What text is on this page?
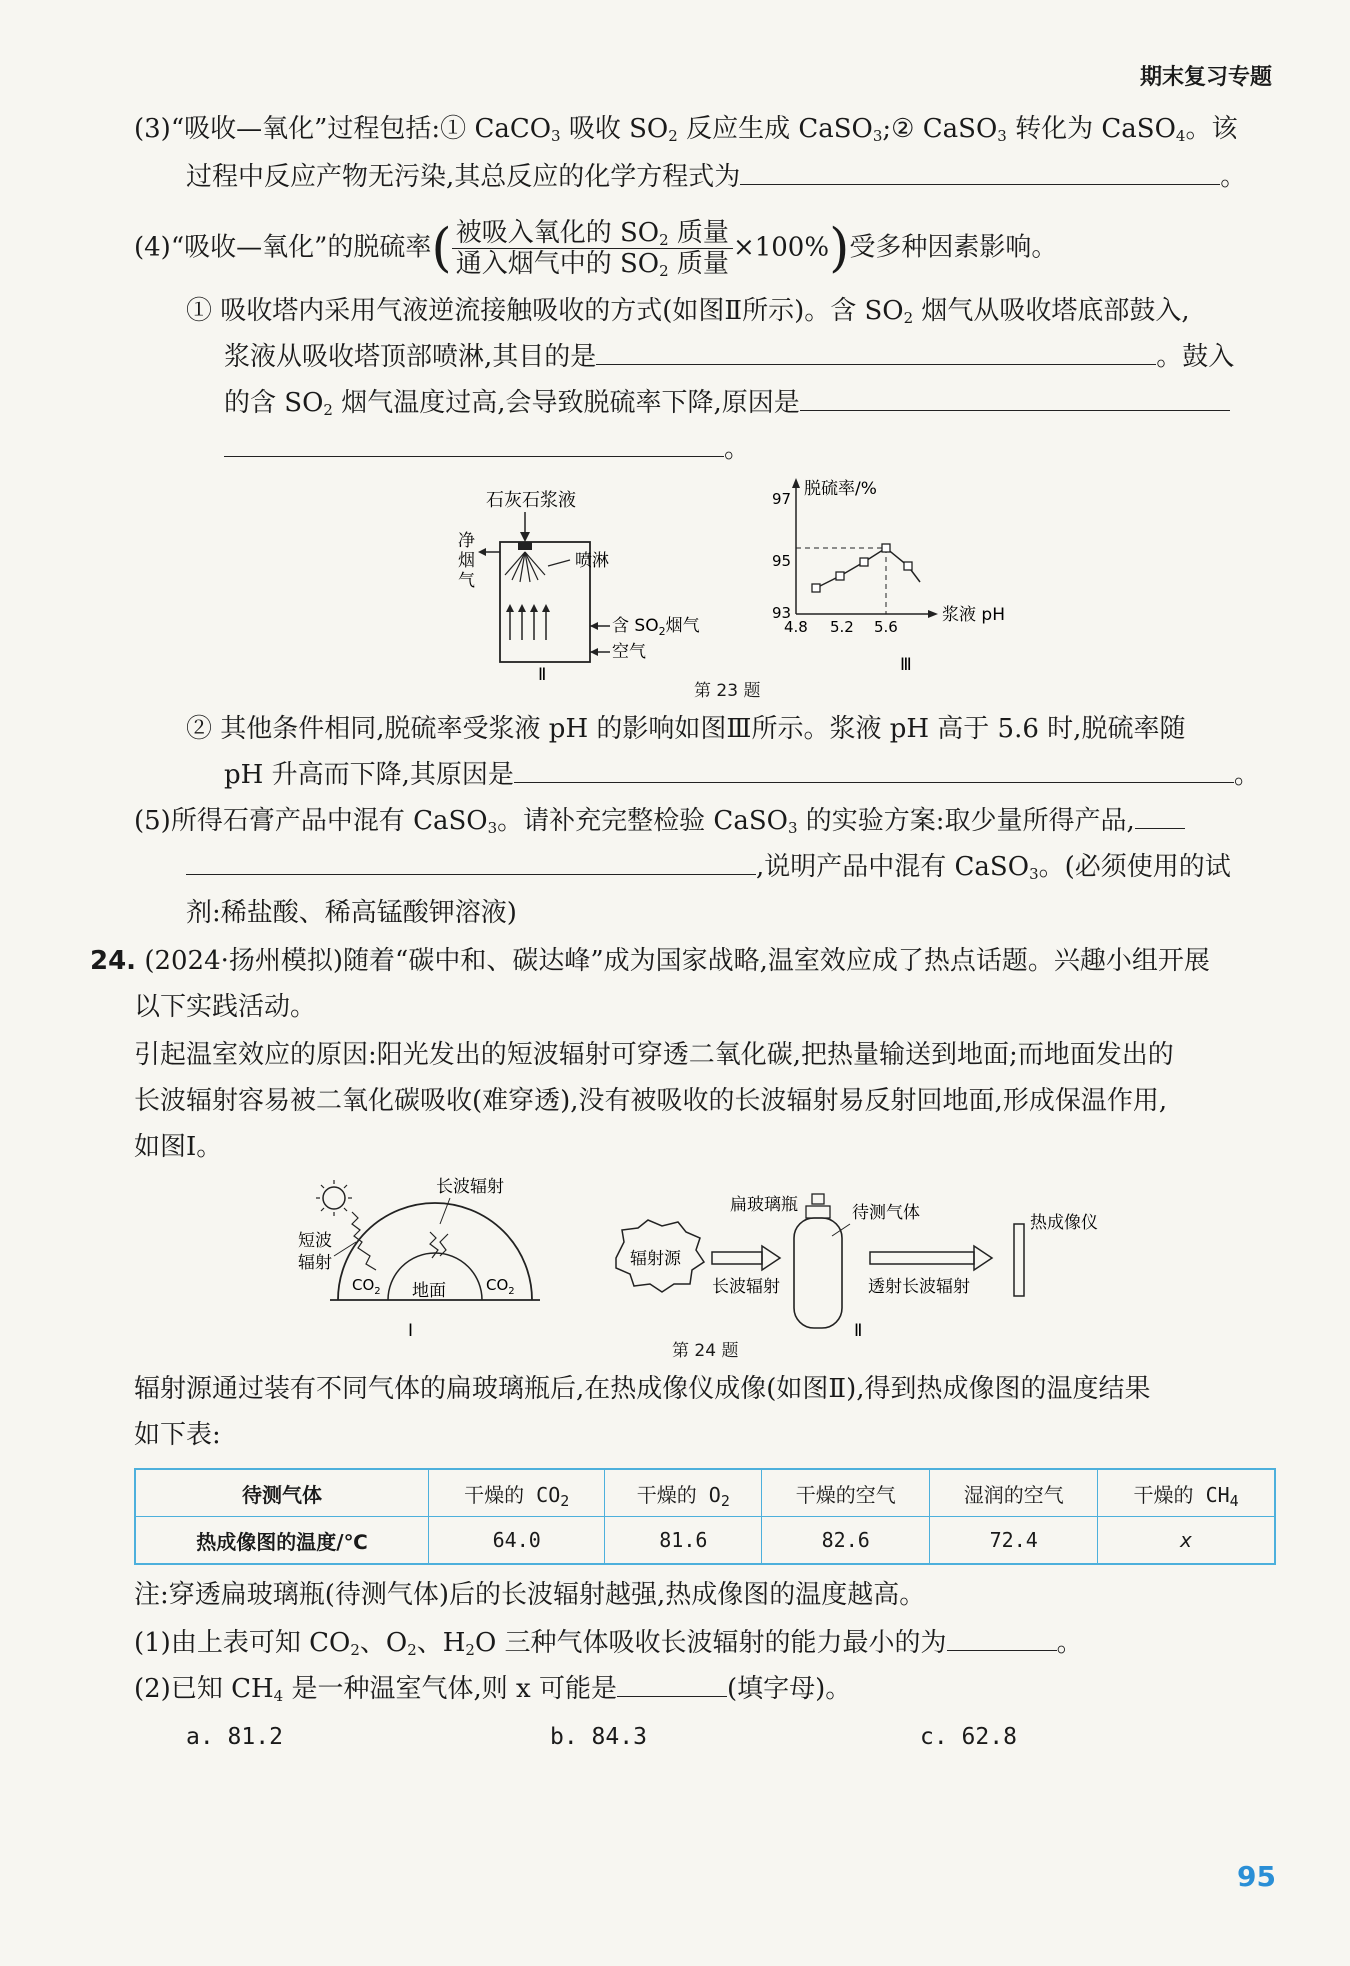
期末复习专题
(3)“吸收—氧化”过程包括:① CaCO$_3$ 吸收 $SO_2$ 反应生成 CaSO$_3$;② CaSO$_3$ 转化为 CaSO$_4$。该
过程中反应产物无污染,其总反应的化学方程式为	。
(4)“吸收—氧化”的脱硫率( $\frac{被吸入氧化的 SO_2 质量}{通入烟气中的 SO_2 质量} \times 100\%$)受多种因素影响。
① 吸收塔内采用气液逆流接触吸收的方式(如图Ⅱ所示)。含 $SO_2$ 烟气从吸收塔底部鼓入,
浆液从吸收塔顶部喷淋,其目的是	。鼓入
的含 $SO_2$ 烟气温度过高,会导致脱硫率下降,原因是
。
石灰石浆液
喷淋
净
烟
气
含 $SO_2$烟气
空气
Ⅱ
脱硫率/%
浆液 pH
97
95
93
4.8 5.2 5.6
Ⅲ
第 23 题
② 其他条件相同,脱硫率受浆液 pH 的影响如图Ⅲ所示。浆液 pH 高于 5.6 时,脱硫率随
pH 升高而下降,其原因是	。
(5)所得石膏产品中混有 CaSO$_3$。请补充完整检验 CaSO$_3$ 的实验方案:取少量所得产品,
,说明产品中混有 CaSO$_3$。(必须使用的试
剂:稀盐酸、稀高锰酸钾溶液)
24. (2024·扬州模拟)随着“碳中和、碳达峰”成为国家战略,温室效应成了热点话题。兴趣小组开展
以下实践活动。
引起温室效应的原因:阳光发出的短波辐射可穿透二氧化碳,把热量输送到地面;而地面发出的
长波辐射容易被二氧化碳吸收(难穿透),没有被吸收的长波辐射易反射回地面,形成保温作用,
如图Ⅰ。
长波辐射
短波
辐射
$CO_2$ 地面	$CO_2$
Ⅰ
辐射源
长波辐射
扁玻璃瓶	待测气体
透射长波辐射
热成像仪
Ⅱ
第 24 题
辐射源通过装有不同气体的扁玻璃瓶后,在热成像仪成像(如图Ⅱ),得到热成像图的温度结果
如下表:
待测气体	干燥的 $CO_2$	干燥的 $O_2$	干燥的空气	湿润的空气	干燥的 $CH_4$
热成像图的温度/℃	64.0	81.6	82.6	72.4	x
注:穿透扁玻璃瓶(待测气体)后的长波辐射越强,热成像图的温度越高。
(1)由上表可知 $CO_2$、$O_2$、$H_2O$ 三种气体吸收长波辐射的能力最小的为	。
(2)已知 $CH_4$ 是一种温室气体,则 x 可能是	(填字母)。
a. 81.2	b. 84.3	c. 62.8
95
